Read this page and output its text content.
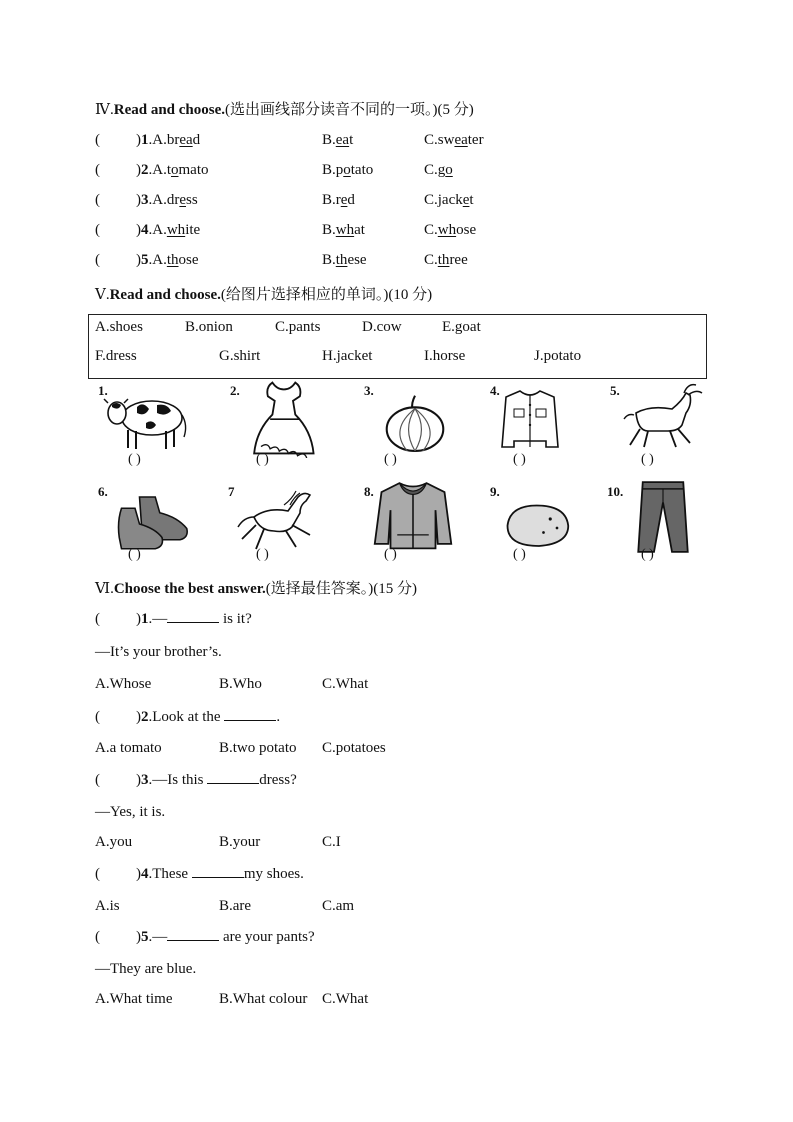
Ⅳ.Read and choose.(选出画线部分读音不同的一项。)(5 分)
( )1.A.bread	B.eat	C.sweater
( )2.A.tomato	B.potato	C.go
( )3.A.dress	B.red	C.jacket
( )4.A.white	B.what	C.whose
( )5.A.those	B.these	C.three
Ⅴ.Read and choose.(给图片选择相应的单词。)(10 分)
A.shoes	B.onion	C.pants	D.cow	E.goat
F.dress	G.shirt	H.jacket	I.horse	J.potato
1.
( )
2.
( )
3.
( )
4.
( )
5.
( )
6.
( )
7
( )
8.
( )
9.
( )
10.
( )
Ⅵ.Choose the best answer.(选择最佳答案。)(15 分)
( )1.—	is it?
—It’s your brother’s.
A.Whose	B.Who	C.What
( )2.Look at the	.
A.a tomato	B.two potato C.potatoes
( )3.—Is this	dress?
—Yes, it is.
A.you	B.your	C.I
( )4.These	my shoes.
A.is	B.are	C.am
( )5.—	are your pants?
—They are blue.
A.What time	B.What colour C.What
